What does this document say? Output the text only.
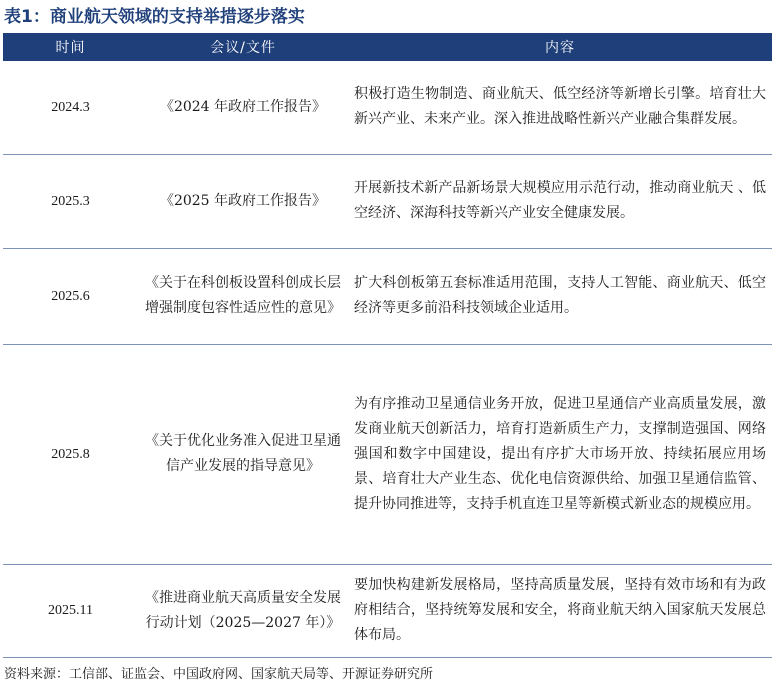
表1：商业航天领域的支持举措逐步落实
时间	会议/文件	内容
2024.3	《2024 年政府工作报告》	积极打造生物制造、商业航天、低空经济等新增长引擎。培育壮大新兴产业、未来产业。深入推进战略性新兴产业融合集群发展。
2025.3	《2025 年政府工作报告》	开展新技术新产品新场景大规模应用示范行动，推动商业航天 、低空经济、深海科技等新兴产业安全健康发展。
2025.6	《关于在科创板设置科创成长层增强制度包容性适应性的意见》	扩大科创板第五套标准适用范围，支持人工智能、商业航天、低空经济等更多前沿科技领域企业适用。
2025.8	《关于优化业务准入促进卫星通信产业发展的指导意见》	为有序推动卫星通信业务开放，促进卫星通信产业高质量发展，激发商业航天创新活力，培育打造新质生产力，支撑制造强国、网络强国和数字中国建设，提出有序扩大市场开放、持续拓展应用场景、培育壮大产业生态、优化电信资源供给、加强卫星通信监管、提升协同推进等，支持手机直连卫星等新模式新业态的规模应用。
2025.11	《推进商业航天高质量安全发展行动计划（2025—2027 年）》	要加快构建新发展格局，坚持高质量发展，坚持有效市场和有为政府相结合，坚持统筹发展和安全，将商业航天纳入国家航天发展总体布局。
资料来源：工信部、证监会、中国政府网、国家航天局等、开源证券研究所
